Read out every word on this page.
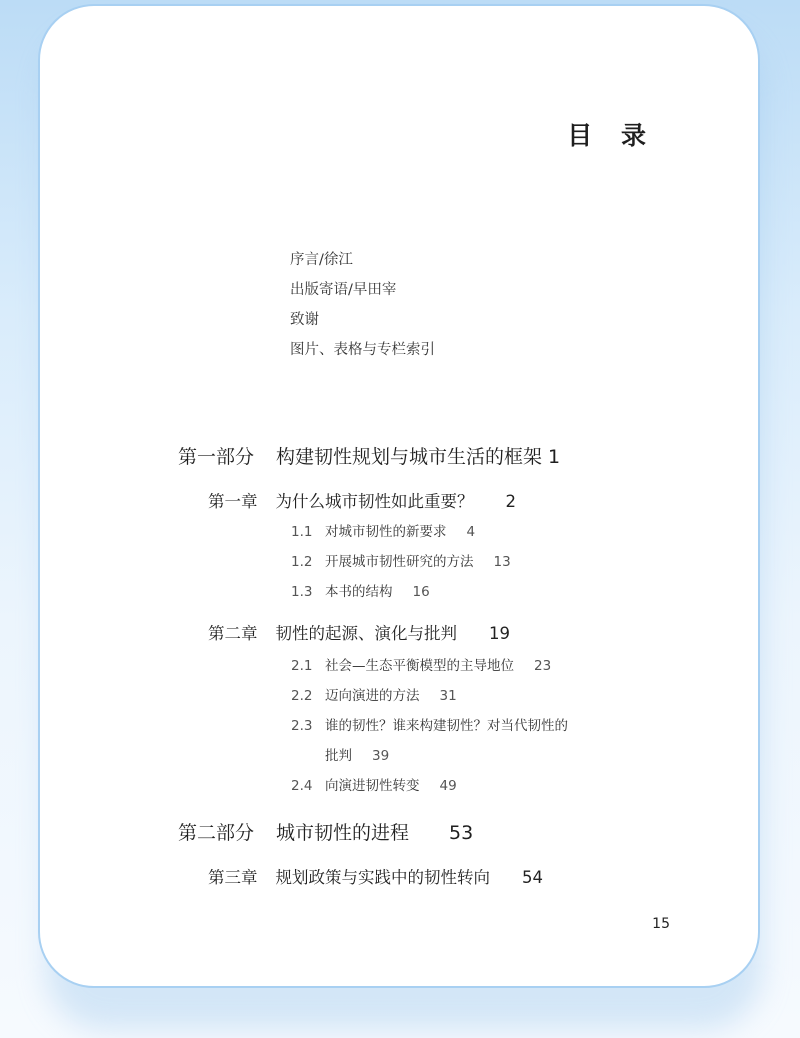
目 录
序言/徐江
出版寄语/早田宰
致谢
图片、表格与专栏索引
第一部分 构建韧性规划与城市生活的框架 1
第一章 为什么城市韧性如此重要？ 2
1.1 对城市韧性的新要求 4
1.2 开展城市韧性研究的方法 13
1.3 本书的结构 16
第二章 韧性的起源、演化与批判 19
2.1 社会—生态平衡模型的主导地位 23
2.2 迈向演进的方法 31
2.3 谁的韧性？谁来构建韧性？对当代韧性的
批判 39
2.4 向演进韧性转变 49
第二部分 城市韧性的进程 53
第三章 规划政策与实践中的韧性转向 54
15
